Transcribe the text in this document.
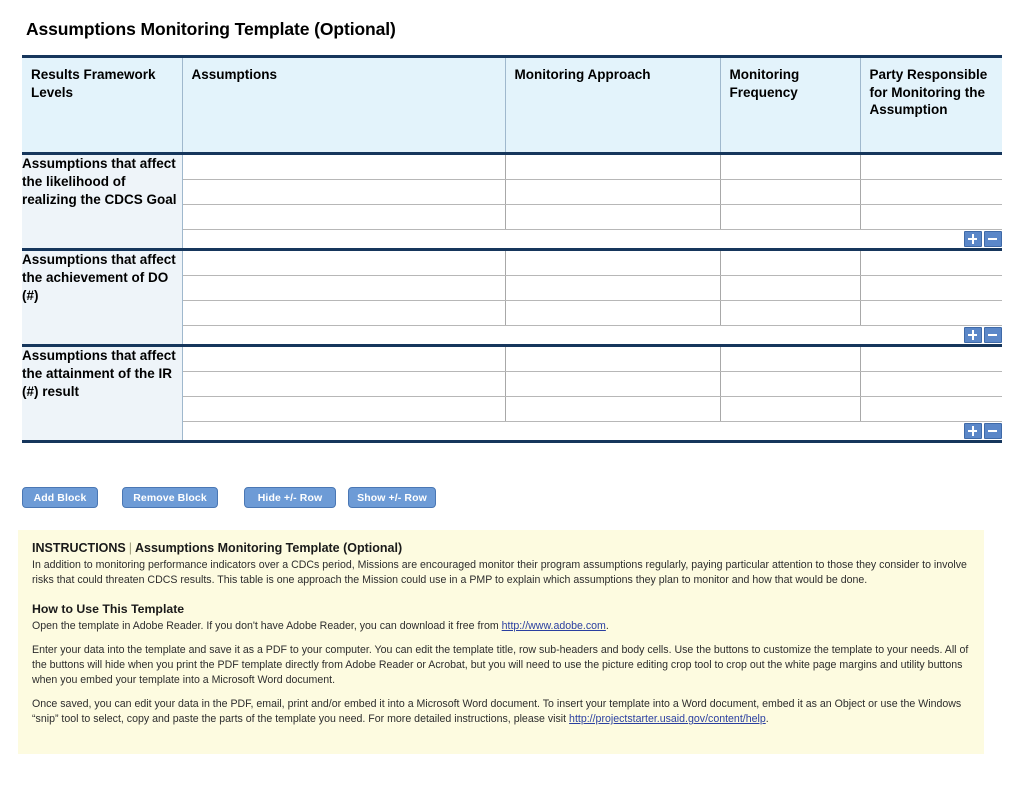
Assumptions Monitoring Template (Optional)
Results Framework Levels	Assumptions	Monitoring Approach	Monitoring Frequency	Party Responsible for Monitoring the Assumption
Assumptions that affect the likelihood of realizing the CDCS Goal				

Assumptions that affect the achievement of DO (#)				

Assumptions that affect the attainment of the IR (#) result				

Add Block	Remove Block	Hide +/- Row	Show +/- Row
INSTRUCTIONS | Assumptions Monitoring Template (Optional)
In addition to monitoring performance indicators over a CDCs period, Missions are encouraged monitor their program assumptions regularly, paying particular attention to those they consider to involve risks that could threaten CDCS results. This table is one approach the Mission could use in a PMP to explain which assumptions they plan to monitor and how that would be done.
How to Use This Template
Open the template in Adobe Reader. If you don't have Adobe Reader, you can download it free from http://www.adobe.com.
Enter your data into the template and save it as a PDF to your computer. You can edit the template title, row sub-headers and body cells. Use the buttons to customize the template to your needs. All of the buttons will hide when you print the PDF template directly from Adobe Reader or Acrobat, but you will need to use the picture editing crop tool to crop out the white page margins and utility buttons when you embed your template into a Microsoft Word document.
Once saved, you can edit your data in the PDF, email, print and/or embed it into a Microsoft Word document. To insert your template into a Word document, embed it as an Object or use the Windows “snip” tool to select, copy and paste the parts of the template you need. For more detailed instructions, please visit http://projectstarter.usaid.gov/content/help.
